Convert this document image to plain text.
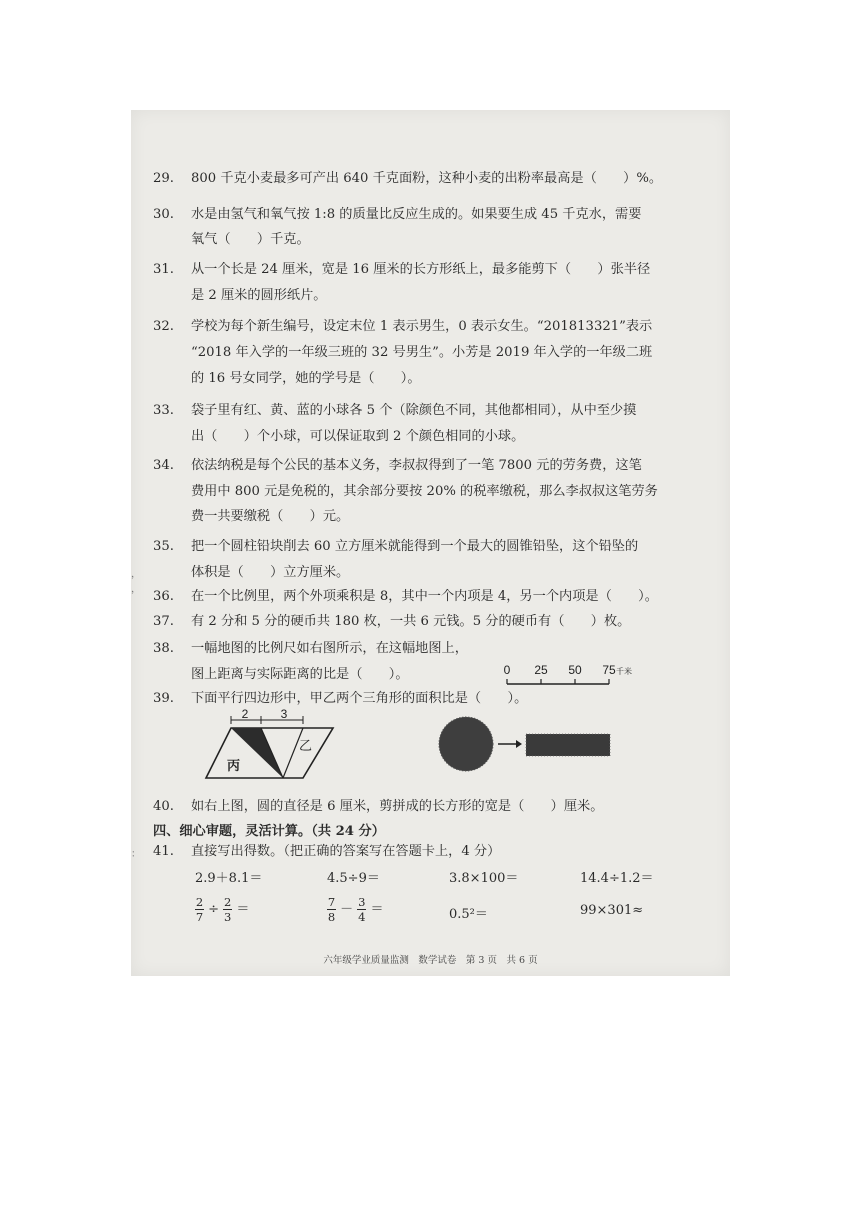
29. 800 千克小麦最多可产出 640 千克面粉，这种小麦的出粉率最高是（　　）%。
30. 水是由氢气和氧气按 1:8 的质量比反应生成的。如果要生成 45 千克水，需要
氧气（　　）千克。
31. 从一个长是 24 厘米，宽是 16 厘米的长方形纸上，最多能剪下（　　）张半径
是 2 厘米的圆形纸片。
32. 学校为每个新生编号，设定末位 1 表示男生，0 表示女生。“201813321”表示
“2018 年入学的一年级三班的 32 号男生”。小芳是 2019 年入学的一年级二班
的 16 号女同学，她的学号是（　　）。
33. 袋子里有红、黄、蓝的小球各 5 个（除颜色不同，其他都相同），从中至少摸
出（　　）个小球，可以保证取到 2 个颜色相同的小球。
34. 依法纳税是每个公民的基本义务，李叔叔得到了一笔 7800 元的劳务费，这笔
费用中 800 元是免税的，其余部分要按 20% 的税率缴税，那么李叔叔这笔劳务
费一共要缴税（　　）元。
35. 把一个圆柱铅块削去 60 立方厘米就能得到一个最大的圆锥铅坠，这个铅坠的
体积是（　　）立方厘米。
36. 在一个比例里，两个外项乘积是 8，其中一个内项是 4，另一个内项是（　　）。
37. 有 2 分和 5 分的硬币共 180 枚，一共 6 元钱。5 分的硬币有（　　）枚。
38. 一幅地图的比例尺如右图所示，在这幅地图上，
图上距离与实际距离的比是（　　）。	0 25 50 75 千米
39. 下面平行四边形中，甲乙两个三角形的面积比是（　　）。
2	3
乙
丙
40. 如右上图，圆的直径是 6 厘米，剪拼成的长方形的宽是（　　）厘米。
四、细心审题，灵活计算。（共 24 分）
41. 直接写出得数。（把正确的答案写在答题卡上，4 分）
2.9＋8.1＝	4.5÷9＝	3.8×100＝	14.4÷1.2＝
$\frac{2}{7} \div \frac{2}{3}$ ＝	$\frac{7}{8} - \frac{3}{4}$ ＝	0.5²＝	99×301≈
六年级学业质量监测　数学试卷　第 3 页　共 6 页
，
，
：
